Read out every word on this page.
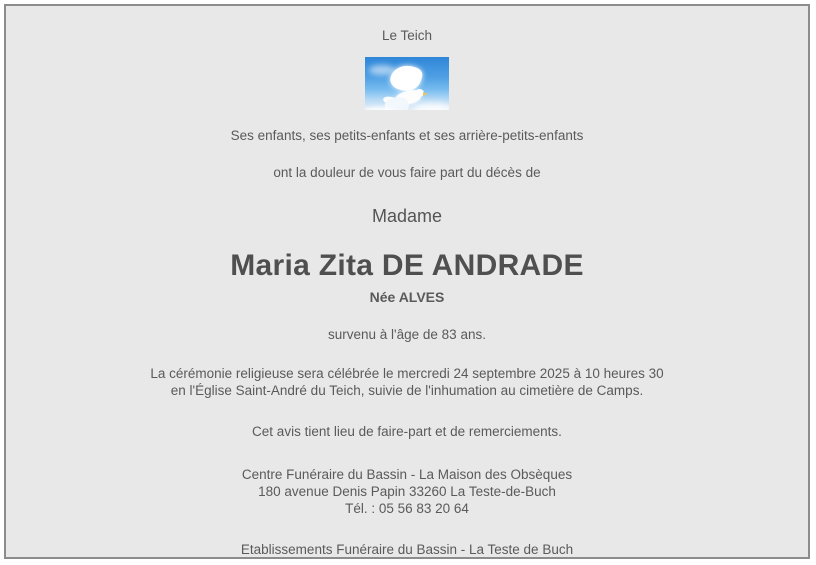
Le Teich
Ses enfants, ses petits-enfants et ses arrière-petits-enfants
ont la douleur de vous faire part du décès de
Madame
Maria Zita DE ANDRADE
Née ALVES
survenu à l'âge de 83 ans.
La cérémonie religieuse sera célébrée le mercredi 24 septembre 2025 à 10 heures 30
en l'Église Saint-André du Teich, suivie de l'inhumation au cimetière de Camps.
Cet avis tient lieu de faire-part et de remerciements.
Centre Funéraire du Bassin - La Maison des Obsèques
180 avenue Denis Papin 33260 La Teste-de-Buch
Tél. : 05 56 83 20 64
Etablissements Funéraire du Bassin - La Teste de Buch
